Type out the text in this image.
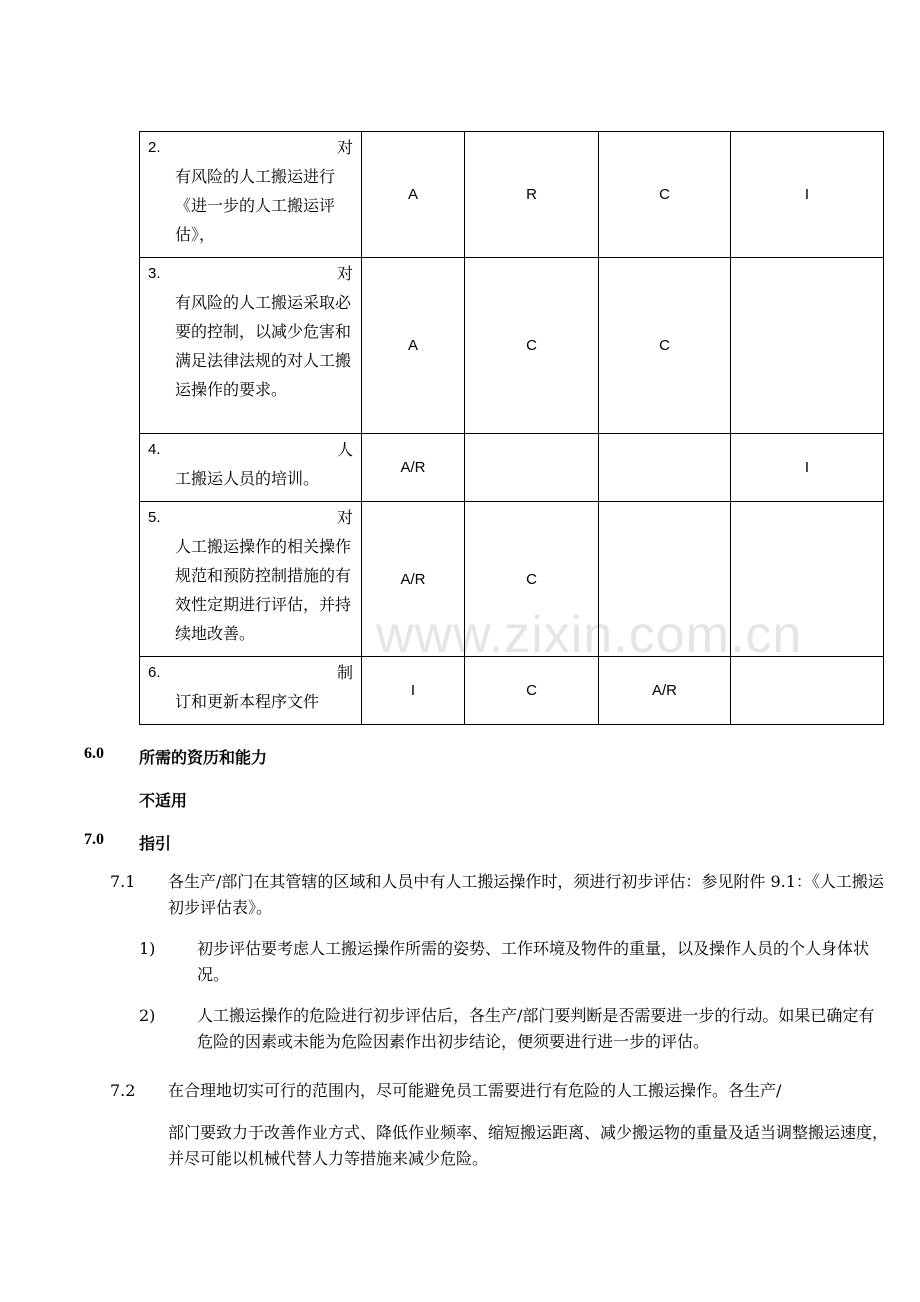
2. 对
有风险的人工搬运进行《进一步的人工搬运评估》，	A	R	C	I

3. 对
有风险的人工搬运采取必要的控制，以减少危害和满足法律法规的对人工搬运操作的要求。	A	C	C	

4. 人
工搬运人员的培训。	A/R			I

5. 对
人工搬运操作的相关操作规范和预防控制措施的有效性定期进行评估，并持续地改善。	A/R	C		

6. 制
订和更新本程序文件	I	C	A/R	
www.zixin.com.cn
6.0 所需的资历和能力
不适用
7.0 指引
7.1 各生产/部门在其管辖的区域和人员中有人工搬运操作时，须进行初步评估：参见附件 9.1：《人工搬运初步评估表》。
1)	初步评估要考虑人工搬运操作所需的姿势、工作环境及物件的重量，以及操作人员的个人身体状况。
2)	人工搬运操作的危险进行初步评估后，各生产/部门要判断是否需要进一步的行动。如果已确定有危险的因素或未能为危险因素作出初步结论，便须要进行进一步的评估。
7.2 在合理地切实可行的范围内，尽可能避免员工需要进行有危险的人工搬运操作。各生产/
部门要致力于改善作业方式、降低作业频率、缩短搬运距离、减少搬运物的重量及适当调整搬运速度，并尽可能以机械代替人力等措施来减少危险。
